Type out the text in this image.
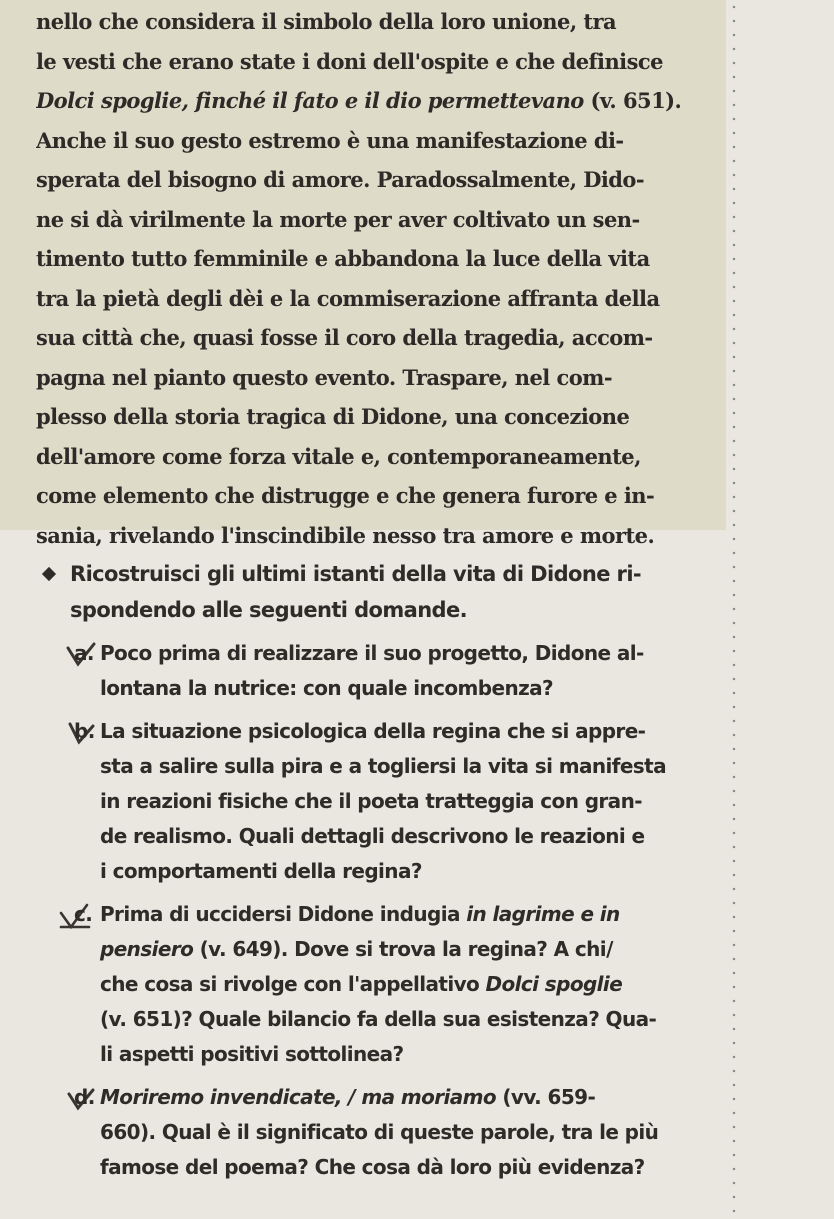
nello che considera il simbolo della loro unione, tra
le vesti che erano state i doni dell'ospite e che definisce
Dolci spoglie, finché il fato e il dio permettevano (v. 651).
Anche il suo gesto estremo è una manifestazione di-
sperata del bisogno di amore. Paradossalmente, Dido-
ne si dà virilmente la morte per aver coltivato un sen-
timento tutto femminile e abbandona la luce della vita
tra la pietà degli dèi e la commiserazione affranta della
sua città che, quasi fosse il coro della tragedia, accom-
pagna nel pianto questo evento. Traspare, nel com-
plesso della storia tragica di Didone, una concezione
dell'amore come forza vitale e, contemporaneamente,
come elemento che distrugge e che genera furore e in-
sania, rivelando l'inscindibile nesso tra amore e morte.

Ricostruisci gli ultimi istanti della vita di Didone ri-
spondendo alle seguenti domande.
a. Poco prima di realizzare il suo progetto, Didone al-
lontana la nutrice: con quale incombenza?
b. La situazione psicologica della regina che si appre-
sta a salire sulla pira e a togliersi la vita si manifesta
in reazioni fisiche che il poeta tratteggia con gran-
de realismo. Quali dettagli descrivono le reazioni e
i comportamenti della regina?
c. Prima di uccidersi Didone indugia in lagrime e in
pensiero (v. 649). Dove si trova la regina? A chi/
che cosa si rivolge con l'appellativo Dolci spoglie
(v. 651)? Quale bilancio fa della sua esistenza? Qua-
li aspetti positivi sottolinea?
d. Moriremo invendicate, / ma moriamo (vv. 659-
660). Qual è il significato di queste parole, tra le più
famose del poema? Che cosa dà loro più evidenza?
